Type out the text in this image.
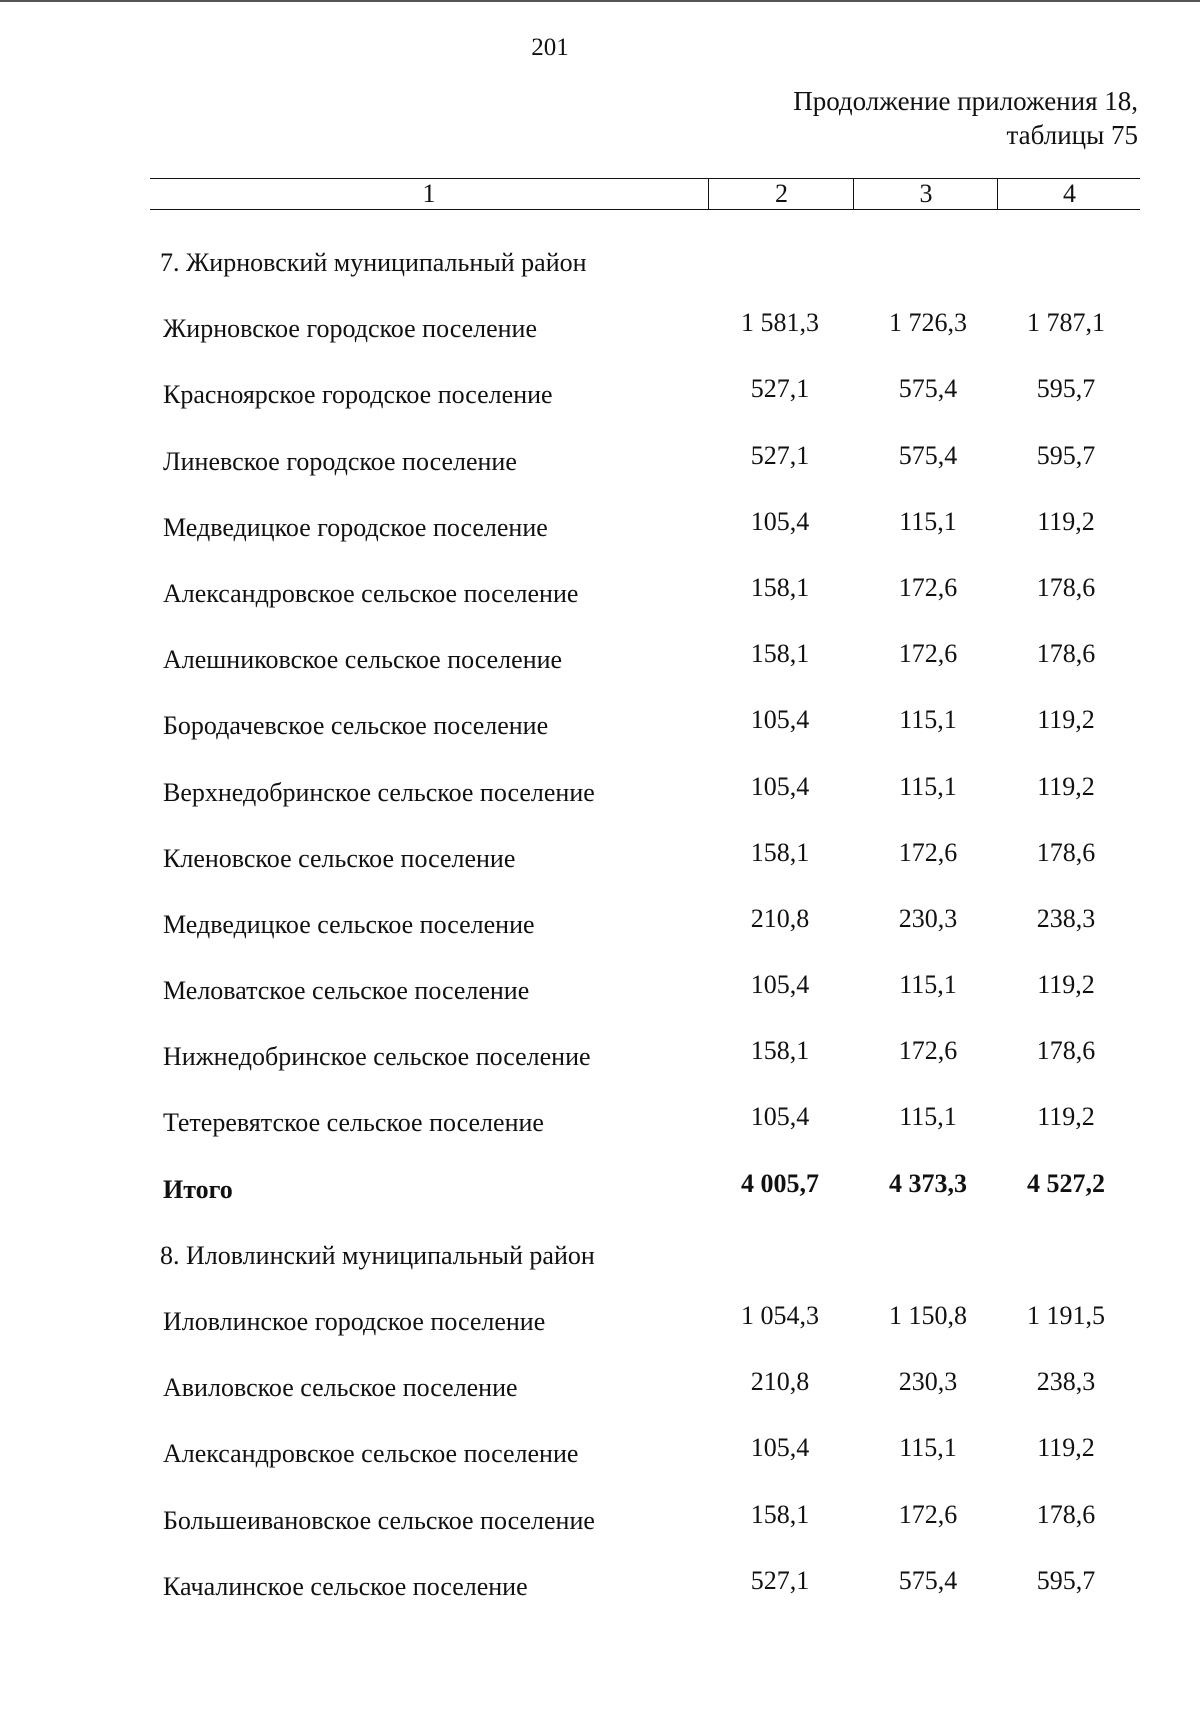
201
Продолжение приложения 18,
таблицы 75
1	2	3	4
7. Жирновский муниципальный район
Жирновское городское поселение	1 581,3	1 726,3	1 787,1
Красноярское городское поселение	527,1	575,4	595,7
Линевское городское поселение	527,1	575,4	595,7
Медведицкое городское поселение	105,4	115,1	119,2
Александровское сельское поселение	158,1	172,6	178,6
Алешниковское сельское поселение	158,1	172,6	178,6
Бородачевское сельское поселение	105,4	115,1	119,2
Верхнедобринское сельское поселение	105,4	115,1	119,2
Кленовское сельское поселение	158,1	172,6	178,6
Медведицкое сельское поселение	210,8	230,3	238,3
Меловатское сельское поселение	105,4	115,1	119,2
Нижнедобринское сельское поселение	158,1	172,6	178,6
Тетеревятское сельское поселение	105,4	115,1	119,2
Итого	4 005,7	4 373,3	4 527,2
8. Иловлинский муниципальный район
Иловлинское городское поселение	1 054,3	1 150,8	1 191,5
Авиловское сельское поселение	210,8	230,3	238,3
Александровское сельское поселение	105,4	115,1	119,2
Большеивановское сельское поселение	158,1	172,6	178,6
Качалинское сельское поселение	527,1	575,4	595,7
